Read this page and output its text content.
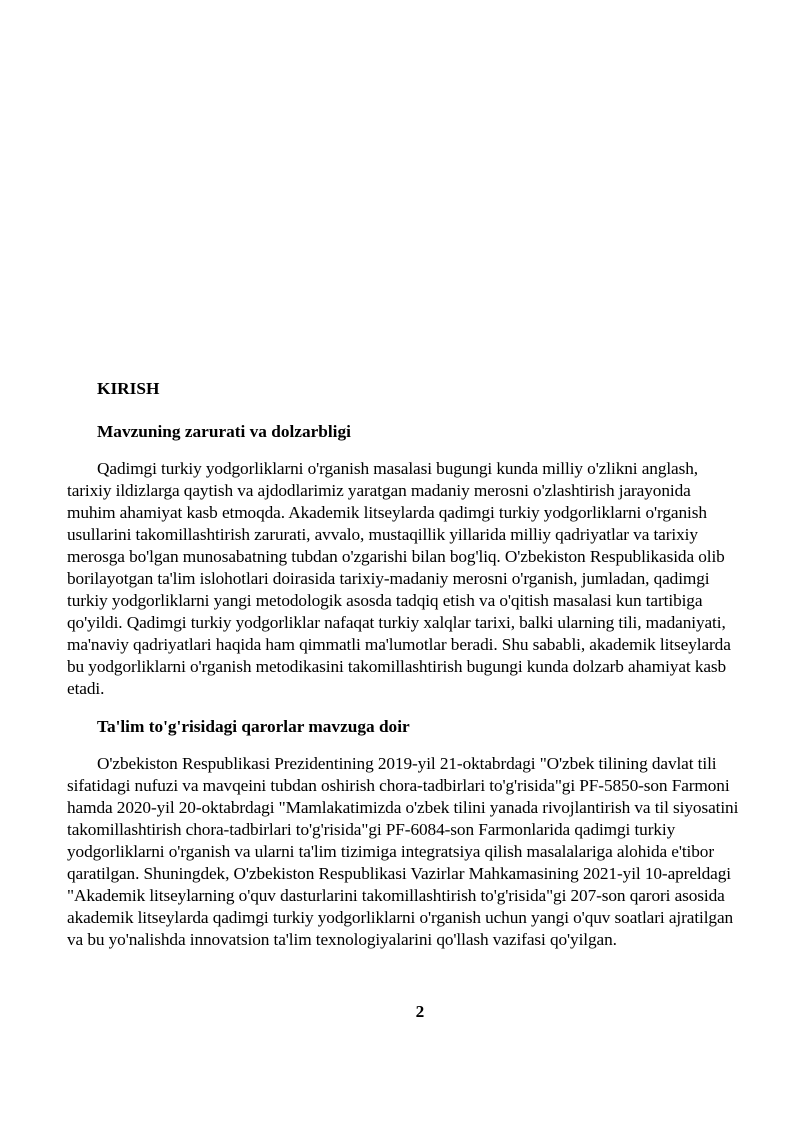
KIRISH
Mavzuning zarurati va dolzarbligi

Qadimgi turkiy yodgorliklarni o'rganish masalasi bugungi kunda milliy o'zlikni anglash, tarixiy ildizlarga qaytish va ajdodlarimiz yaratgan madaniy merosni o'zlashtirish jarayonida muhim ahamiyat kasb etmoqda. Akademik litseylarda qadimgi turkiy yodgorliklarni o'rganish usullarini takomillashtirish zarurati, avvalo, mustaqillik yillarida milliy qadriyatlar va tarixiy merosga bo'lgan munosabatning tubdan o'zgarishi bilan bog'liq. O'zbekiston Respublikasida olib borilayotgan ta'lim islohotlari doirasida tarixiy-madaniy merosni o'rganish, jumladan, qadimgi turkiy yodgorliklarni yangi metodologik asosda tadqiq etish va o'qitish masalasi kun tartibiga qo'yildi. Qadimgi turkiy yodgorliklar nafaqat turkiy xalqlar tarixi, balki ularning tili, madaniyati, ma'naviy qadriyatlari haqida ham qimmatli ma'lumotlar beradi. Shu sababli, akademik litseylarda bu yodgorliklarni o'rganish metodikasini takomillashtirish bugungi kunda dolzarb ahamiyat kasb etadi.

Ta'lim to'g'risidagi qarorlar mavzuga doir

O'zbekiston Respublikasi Prezidentining 2019-yil 21-oktabrdagi "O'zbek tilining davlat tili sifatidagi nufuzi va mavqeini tubdan oshirish chora-tadbirlari to'g'risida"gi PF-5850-son Farmoni hamda 2020-yil 20-oktabrdagi "Mamlakatimizda o'zbek tilini yanada rivojlantirish va til siyosatini takomillashtirish chora-tadbirlari to'g'risida"gi PF-6084-son Farmonlarida qadimgi turkiy yodgorliklarni o'rganish va ularni ta'lim tizimiga integratsiya qilish masalalariga alohida e'tibor qaratilgan. Shuningdek, O'zbekiston Respublikasi Vazirlar Mahkamasining 2021-yil 10-apreldagi "Akademik litseylarning o'quv dasturlarini takomillashtirish to'g'risida"gi 207-son qarori asosida akademik litseylarda qadimgi turkiy yodgorliklarni o'rganish uchun yangi o'quv soatlari ajratilgan va bu yo'nalishda innovatsion ta'lim texnologiyalarini qo'llash vazifasi qo'yilgan.

2
